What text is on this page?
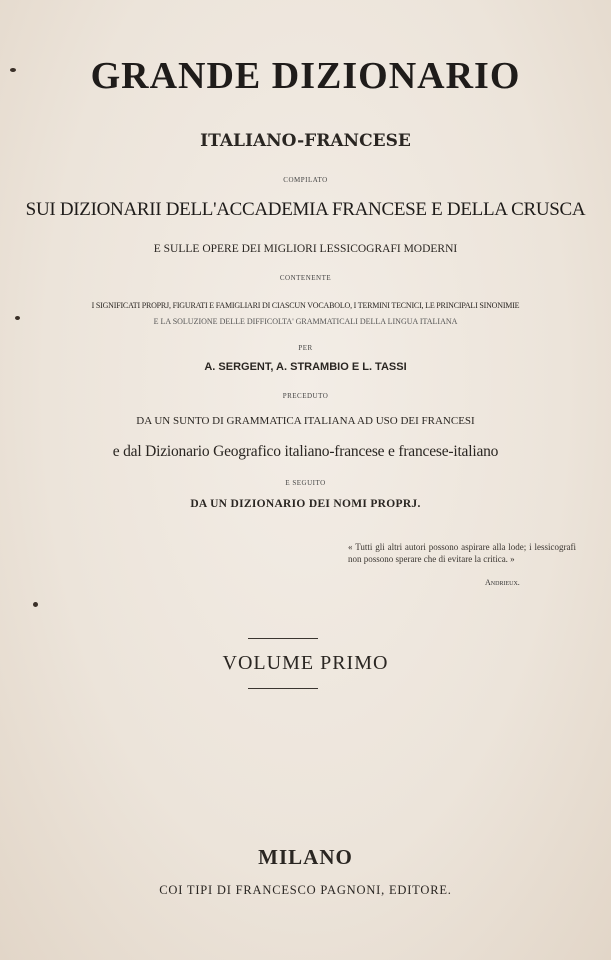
GRANDE DIZIONARIO
ITALIANO-FRANCESE
COMPILATO
SUI DIZIONARII DELL'ACCADEMIA FRANCESE E DELLA CRUSCA
E SULLE OPERE DEI MIGLIORI LESSICOGRAFI MODERNI
CONTENENTE
I SIGNIFICATI PROPRJ, FIGURATI E FAMIGLIARI DI CIASCUN VOCABOLO, I TERMINI TECNICI, LE PRINCIPALI SINONIMIE
E LA SOLUZIONE DELLE DIFFICOLTA' GRAMMATICALI DELLA LINGUA ITALIANA
PER
A. SERGENT, A. STRAMBIO E L. TASSI
PRECEDUTO
DA UN SUNTO DI GRAMMATICA ITALIANA AD USO DEI FRANCESI
e dal Dizionario Geografico italiano-francese e francese-italiano
E SEGUITO
DA UN DIZIONARIO DEI NOMI PROPRJ.
« Tutti gli altri autori possono aspirare alla lode; i lessicografi non possono sperare che di evitare la critica. »
Andrieux.
VOLUME PRIMO
MILANO
COI TIPI DI FRANCESCO PAGNONI, EDITORE.
